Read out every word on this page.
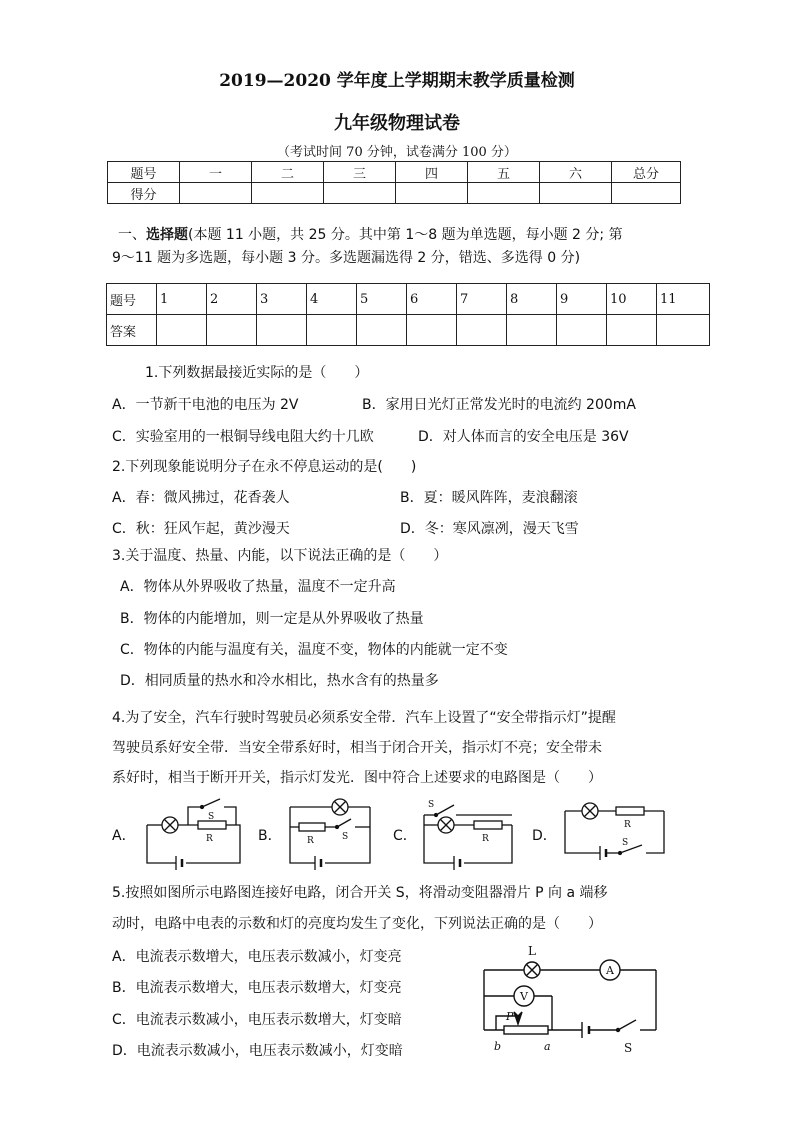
2019—2020 学年度上学期期末教学质量检测
九年级物理试卷
（考试时间 70 分钟，试卷满分 100 分）
题号	一	二	三	四	五	六	总分
得分							
一、选择题(本题 11 小题，共 25 分。其中第 1～8 题为单选题，每小题 2 分; 第
9～11 题为多选题，每小题 3 分。多选题漏选得 2 分，错选、多选得 0 分)
题号	1	2	3	4	5	6	7	8	9	10	11
答案											
1.下列数据最接近实际的是（　　）
A．一节新干电池的电压为 2V	B．家用日光灯正常发光时的电流约 200mA
C．实验室用的一根铜导线电阻大约十几欧	D．对人体而言的安全电压是 36V
2.下列现象能说明分子在永不停息运动的是(　　)
A．春：微风拂过，花香袭人	B．夏：暖风阵阵，麦浪翻滚
C．秋：狂风乍起，黄沙漫天	D．冬：寒风凛冽，漫天飞雪
3.关于温度、热量、内能，以下说法正确的是（　　）
A．物体从外界吸收了热量，温度不一定升高
B．物体的内能增加，则一定是从外界吸收了热量
C．物体的内能与温度有关，温度不变，物体的内能就一定不变
D．相同质量的热水和冷水相比，热水含有的热量多
4.为了安全，汽车行驶时驾驶员必须系安全带．汽车上设置了“安全带指示灯”提醒
驾驶员系好安全带．当安全带系好时，相当于闭合开关，指示灯不亮；安全带未
系好时，相当于断开开关，指示灯发光．图中符合上述要求的电路图是（　　）
A．	B．	C．	D．
S
R	S
R
S
R
R
S
5.按照如图所示电路图连接好电路，闭合开关 S，将滑动变阻器滑片 P 向 a 端移
动时，电路中电表的示数和灯的亮度均发生了变化，下列说法正确的是（　　）
A．电流表示数增大，电压表示数减小，灯变亮
B．电流表示数增大，电压表示数增大，灯变亮
C．电流表示数减小，电压表示数增大，灯变暗
D．电流表示数减小，电压表示数减小，灯变暗
A
V
L
P
b	a	S
